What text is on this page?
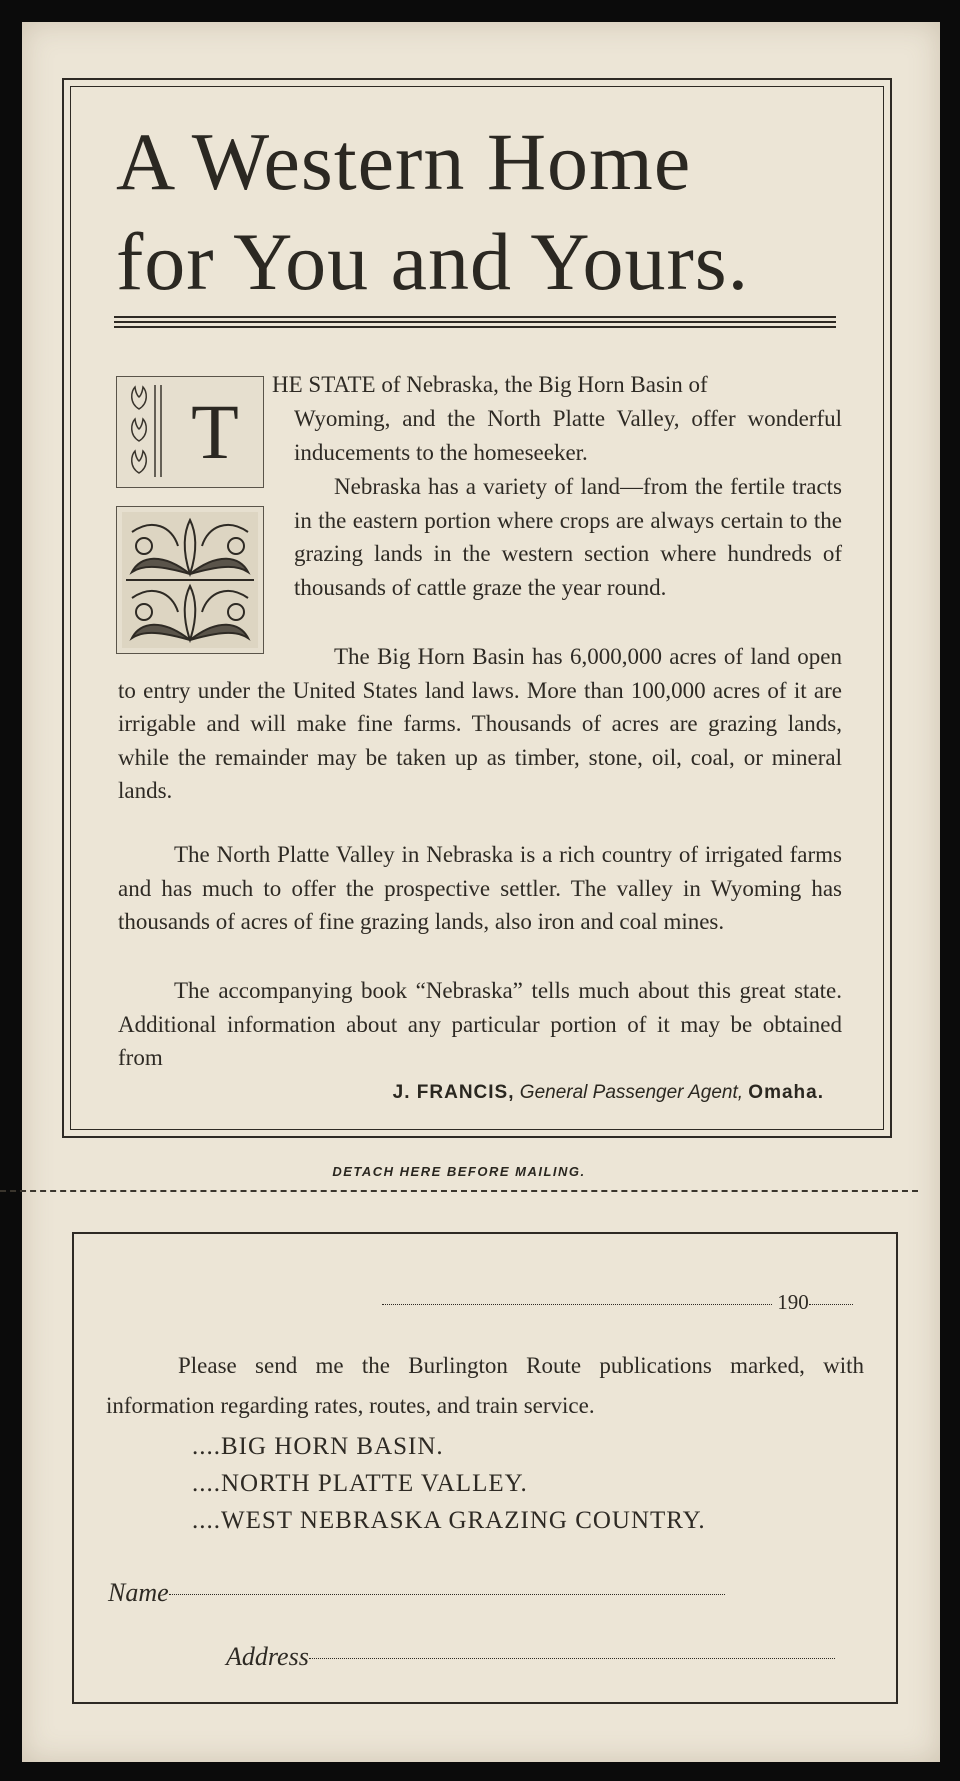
A Western Home
for You and Yours.
T

HE STATE of Nebraska, the Big Horn Basin of

Wyoming, and the North Platte Valley, offer wonderful inducements to the homeseeker.

Nebraska has a variety of land—from the fertile tracts in the eastern portion where crops are always certain to the grazing lands in the western section where hundreds of thousands of cattle graze the year round.

The Big Horn Basin has 6,000,000 acres of land open to entry under the United States land laws. More than 100,000 acres of it are irrigable and will make fine farms. Thousands of acres are grazing lands, while the remainder may be taken up as timber, stone, oil, coal, or mineral lands.

The North Platte Valley in Nebraska is a rich country of irrigated farms and has much to offer the prospective settler. The valley in Wyoming has thousands of acres of fine grazing lands, also iron and coal mines.

The accompanying book “Nebraska” tells much about this great state. Additional information about any particular portion of it may be obtained from

J. FRANCIS, General Passenger Agent, Omaha.
DETACH HERE BEFORE MAILING.
190

Please send me the Burlington Route publications marked, with information regarding rates, routes, and train service.

....BIG HORN BASIN.
....NORTH PLATTE VALLEY.
....WEST NEBRASKA GRAZING COUNTRY.
Name
Address
